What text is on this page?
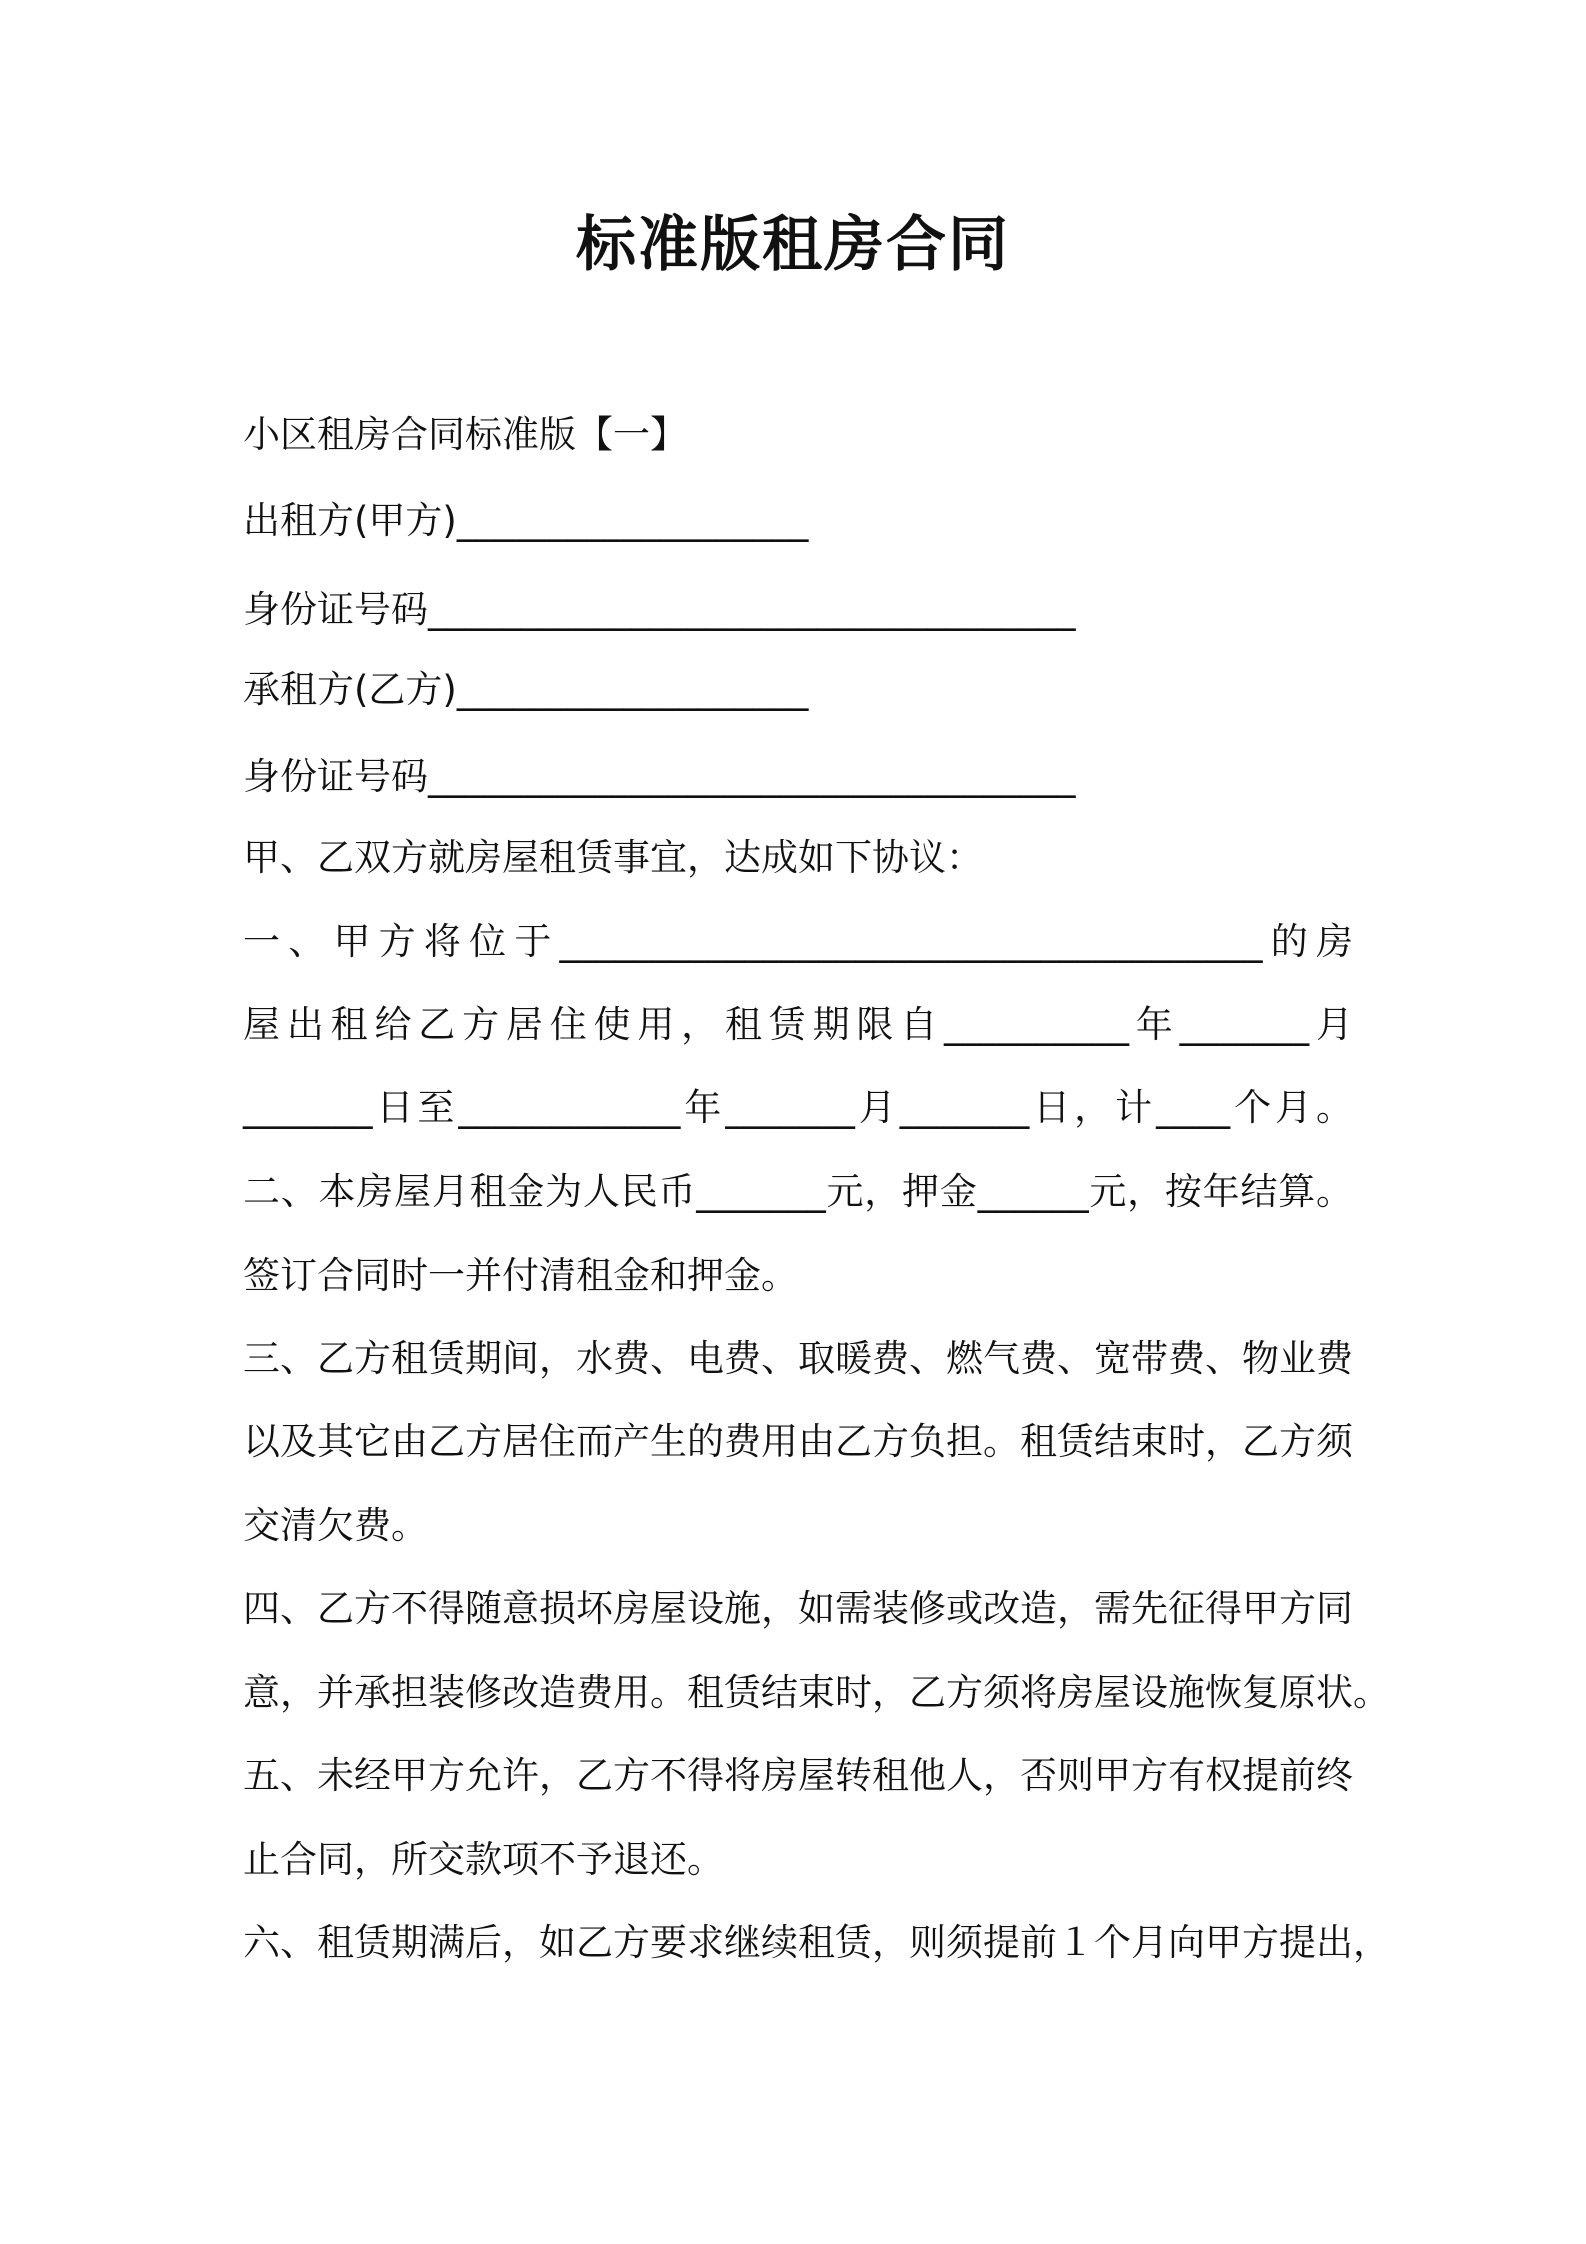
标准版租房合同
小区租房合同标准版【一】
出租方(甲方)___________________
身份证号码___________________________________
承租方(乙方)___________________
身份证号码___________________________________
甲、乙双方就房屋租赁事宜，达成如下协议：
一、甲方将位于______________________________________的房
屋出租给乙方居住使用，租赁期限自__________年_______月
_______日至____________年_______月_______日，计____个月。
二、本房屋月租金为人民币_______元，押金______元，按年结算。
签订合同时一并付清租金和押金。
三、乙方租赁期间，水费、电费、取暖费、燃气费、宽带费、物业费
以及其它由乙方居住而产生的费用由乙方负担。租赁结束时，乙方须
交清欠费。
四、乙方不得随意损坏房屋设施，如需装修或改造，需先征得甲方同
意，并承担装修改造费用。租赁结束时，乙方须将房屋设施恢复原状。
五、未经甲方允许，乙方不得将房屋转租他人，否则甲方有权提前终
止合同，所交款项不予退还。
六、租赁期满后，如乙方要求继续租赁，则须提前１个月向甲方提出，
